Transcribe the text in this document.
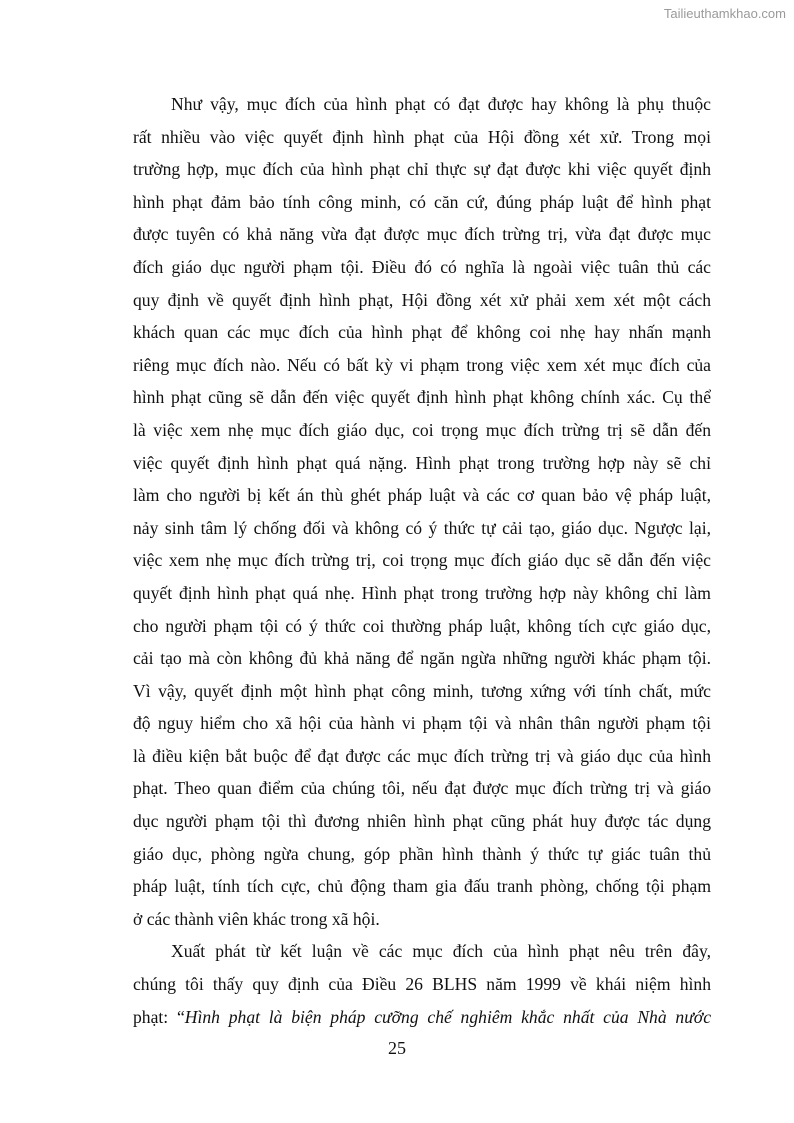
Tailieuthamkhao.com
Như vậy, mục đích của hình phạt có đạt được hay không là phụ thuộc
rất nhiều vào việc quyết định hình phạt của Hội đồng xét xử. Trong mọi
trường hợp, mục đích của hình phạt chỉ thực sự đạt được khi việc quyết định
hình phạt đảm bảo tính công minh, có căn cứ, đúng pháp luật để hình phạt
được tuyên có khả năng vừa đạt được mục đích trừng trị, vừa đạt được mục
đích giáo dục người phạm tội. Điều đó có nghĩa là ngoài việc tuân thủ các
quy định về quyết định hình phạt, Hội đồng xét xử phải xem xét một cách
khách quan các mục đích của hình phạt để không coi nhẹ hay nhấn mạnh
riêng mục đích nào. Nếu có bất kỳ vi phạm trong việc xem xét mục đích của
hình phạt cũng sẽ dẫn đến việc quyết định hình phạt không chính xác. Cụ thể
là việc xem nhẹ mục đích giáo dục, coi trọng mục đích trừng trị sẽ dẫn đến
việc quyết định hình phạt quá nặng. Hình phạt trong trường hợp này sẽ chỉ
làm cho người bị kết án thù ghét pháp luật và các cơ quan bảo vệ pháp luật,
nảy sinh tâm lý chống đối và không có ý thức tự cải tạo, giáo dục. Ngược lại,
việc xem nhẹ mục đích trừng trị, coi trọng mục đích giáo dục sẽ dẫn đến việc
quyết định hình phạt quá nhẹ. Hình phạt trong trường hợp này không chỉ làm
cho người phạm tội có ý thức coi thường pháp luật, không tích cực giáo dục,
cải tạo mà còn không đủ khả năng để ngăn ngừa những người khác phạm tội.
Vì vậy, quyết định một hình phạt công minh, tương xứng với tính chất, mức
độ nguy hiểm cho xã hội của hành vi phạm tội và nhân thân người phạm tội
là điều kiện bắt buộc để đạt được các mục đích trừng trị và giáo dục của hình
phạt. Theo quan điểm của chúng tôi, nếu đạt được mục đích trừng trị và giáo
dục người phạm tội thì đương nhiên hình phạt cũng phát huy được tác dụng
giáo dục, phòng ngừa chung, góp phần hình thành ý thức tự giác tuân thủ
pháp luật, tính tích cực, chủ động tham gia đấu tranh phòng, chống tội phạm
ở các thành viên khác trong xã hội.
Xuất phát từ kết luận về các mục đích của hình phạt nêu trên đây,
chúng tôi thấy quy định của Điều 26 BLHS năm 1999 về khái niệm hình
phạt: “Hình phạt là biện pháp cưỡng chế nghiêm khắc nhất của Nhà nước
25
